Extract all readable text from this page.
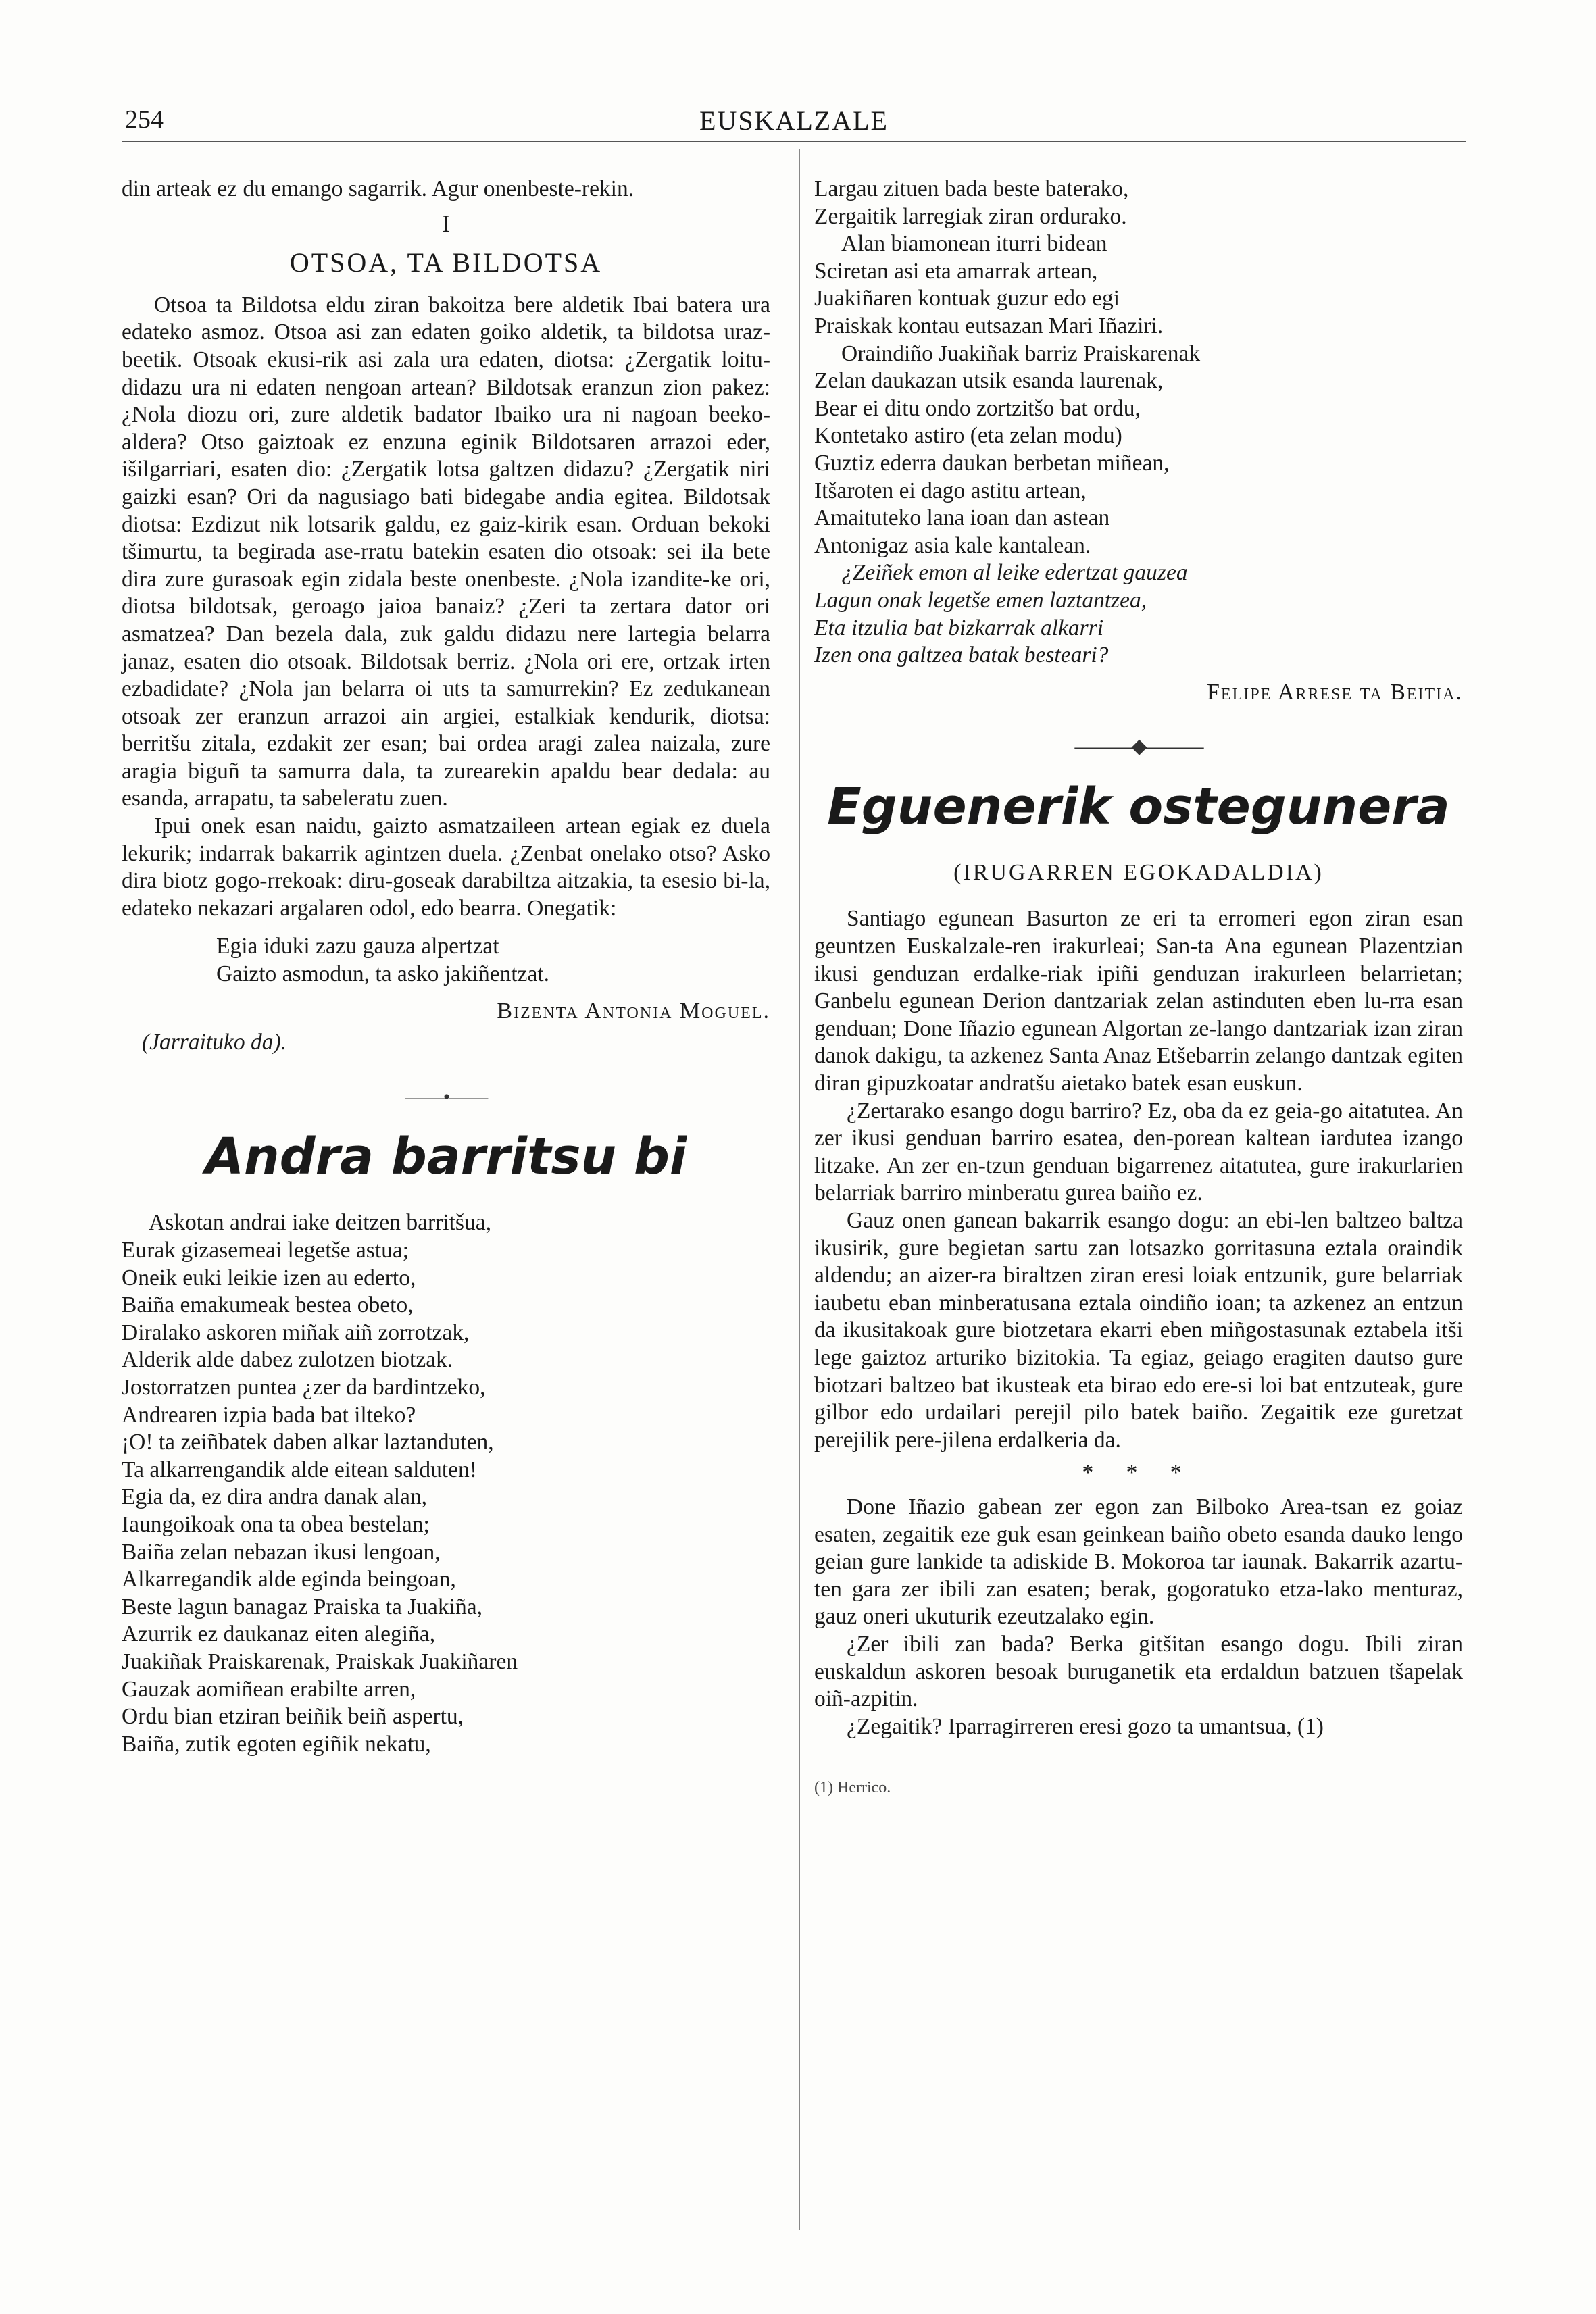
254	EUSKALZALE

din arteak ez du emango sagarrik. Agur onenbeste-rekin.

I
OTSOA, TA BILDOTSA

Otsoa ta Bildotsa eldu ziran bakoitza bere aldetik Ibai batera ura edateko asmoz. Otsoa asi zan edaten goiko aldetik, ta bildotsa uraz-beetik. Otsoak ekusi-rik asi zala ura edaten, diotsa: ¿Zergatik loitu-didazu ura ni edaten nengoan artean? Bildotsak eranzun zion pakez: ¿Nola diozu ori, zure aldetik badator Ibaiko ura ni nagoan beeko-aldera? Otso gaiztoak ez enzuna eginik Bildotsaren arrazoi eder, išilgarriari, esaten dio: ¿Zergatik lotsa galtzen didazu? ¿Zergatik niri gaizki esan? Ori da nagusiago bati bidegabe andia egitea. Bildotsak diotsa: Ezdizut nik lotsarik galdu, ez gaiz-kirik esan. Orduan bekoki tšimurtu, ta begirada ase-rratu batekin esaten dio otsoak: sei ila bete dira zure gurasoak egin zidala beste onenbeste. ¿Nola izandite-ke ori, diotsa bildotsak, geroago jaioa banaiz? ¿Zeri ta zertara dator ori asmatzea? Dan bezela dala, zuk galdu didazu nere lartegia belarra janaz, esaten dio otsoak. Bildotsak berriz. ¿Nola ori ere, ortzak irten ezbadidate? ¿Nola jan belarra oi uts ta samurrekin? Ez zedukanean otsoak zer eranzun arrazoi ain argiei, estalkiak kendurik, diotsa: berritšu zitala, ezdakit zer esan; bai ordea aragi zalea naizala, zure aragia biguñ ta samurra dala, ta zurearekin apaldu bear dedala: au esanda, arrapatu, ta sabeleratu zuen.

Ipui onek esan naidu, gaizto asmatzaileen artean egiak ez duela lekurik; indarrak bakarrik agintzen duela. ¿Zenbat onelako otso? Asko dira biotz gogo-rrekoak: diru-goseak darabiltza aitzakia, ta esesio bi-la, edateko nekazari argalaren odol, edo bearra. Onegatik:

Egia iduki zazu gauza alpertzat

Gaizto asmodun, ta asko jakiñentzat.

Bizenta Antonia Moguel.

(Jarraituko da).

——•——
Andra barritsu bi

Askotan andrai iake deitzen barritšua,

Eurak gizasemeai legetše astua;

Oneik euki leikie izen au ederto,

Baiña emakumeak bestea obeto,

Diralako askoren miñak aiñ zorrotzak,

Alderik alde dabez zulotzen biotzak.

Jostorratzen puntea ¿zer da bardintzeko,

Andrearen izpia bada bat ilteko?

¡O! ta zeiñbatek daben alkar laztanduten,

Ta alkarrengandik alde eitean salduten!

Egia da, ez dira andra danak alan,

Iaungoikoak ona ta obea bestelan;

Baiña zelan nebazan ikusi lengoan,

Alkarregandik alde eginda beingoan,

Beste lagun banagaz Praiska ta Juakiña,

Azurrik ez daukanaz eiten alegiña,

Juakiñak Praiskarenak, Praiskak Juakiñaren

Gauzak aomiñean erabilte arren,

Ordu bian etziran beiñik beiñ aspertu,

Baiña, zutik egoten egiñik nekatu,

Largau zituen bada beste baterako,

Zergaitik larregiak ziran ordurako.

Alan biamonean iturri bidean

Sciretan asi eta amarrak artean,

Juakiñaren kontuak guzur edo egi

Praiskak kontau eutsazan Mari Iñaziri.

Oraindiño Juakiñak barriz Praiskarenak

Zelan daukazan utsik esanda laurenak,

Bear ei ditu ondo zortzitšo bat ordu,

Kontetako astiro (eta zelan modu)

Guztiz ederra daukan berbetan miñean,

Itšaroten ei dago astitu artean,

Amaituteko lana ioan dan astean

Antonigaz asia kale kantalean.

¿Zeiñek emon al leike edertzat gauzea

Lagun onak legetše emen laztantzea,

Eta itzulia bat bizkarrak alkarri

Izen ona galtzea batak besteari?

Felipe Arrese ta Beitia.
———◆———
Eguenerik ostegunera
(IRUGARREN EGOKADALDIA)

Santiago egunean Basurton ze eri ta erromeri egon ziran esan geuntzen Euskalzale-ren irakurleai; San-ta Ana egunean Plazentzian ikusi genduzan erdalke-riak ipiñi genduzan irakurleen belarrietan; Ganbelu egunean Derion dantzariak zelan astinduten eben lu-rra esan genduan; Done Iñazio egunean Algortan ze-lango dantzariak izan ziran danok dakigu, ta azkenez Santa Anaz Etšebarrin zelango dantzak egiten diran gipuzkoatar andratšu aietako batek esan euskun.

¿Zertarako esango dogu barriro? Ez, oba da ez geia-go aitatutea. An zer ikusi genduan barriro esatea, den-porean kaltean iardutea izango litzake. An zer en-tzun genduan bigarrenez aitatutea, gure irakurlarien belarriak barriro minberatu gurea baiño ez.

Gauz onen ganean bakarrik esango dogu: an ebi-len baltzeo baltza ikusirik, gure begietan sartu zan lotsazko gorritasuna eztala oraindik aldendu; an aizer-ra biraltzen ziran eresi loiak entzunik, gure belarriak iaubetu eban minberatusana eztala oindiño ioan; ta azkenez an entzun da ikusitakoak gure biotzetara ekarri eben miñgostasunak eztabela itši lege gaiztoz arturiko bizitokia. Ta egiaz, geiago eragiten dautso gure biotzari baltzeo bat ikusteak eta birao edo ere-si loi bat entzuteak, gure gilbor edo urdailari perejil pilo batek baiño. Zegaitik eze guretzat perejilik pere-jilena erdalkeria da.

* * *

Done Iñazio gabean zer egon zan Bilboko Area-tsan ez goiaz esaten, zegaitik eze guk esan geinkean baiño obeto esanda dauko lengo geian gure lankide ta adiskide B. Mokoroa tar iaunak. Bakarrik azartu-ten gara zer ibili zan esaten; berak, gogoratuko etza-lako menturaz, gauz oneri ukuturik ezeutzalako egin.

¿Zer ibili zan bada? Berka gitšitan esango dogu. Ibili ziran euskaldun askoren besoak buruganetik eta erdaldun batzuen tšapelak oiñ-azpitin.

¿Zegaitik? Iparragirreren eresi gozo ta umantsua, (1)

(1) Herrico.
